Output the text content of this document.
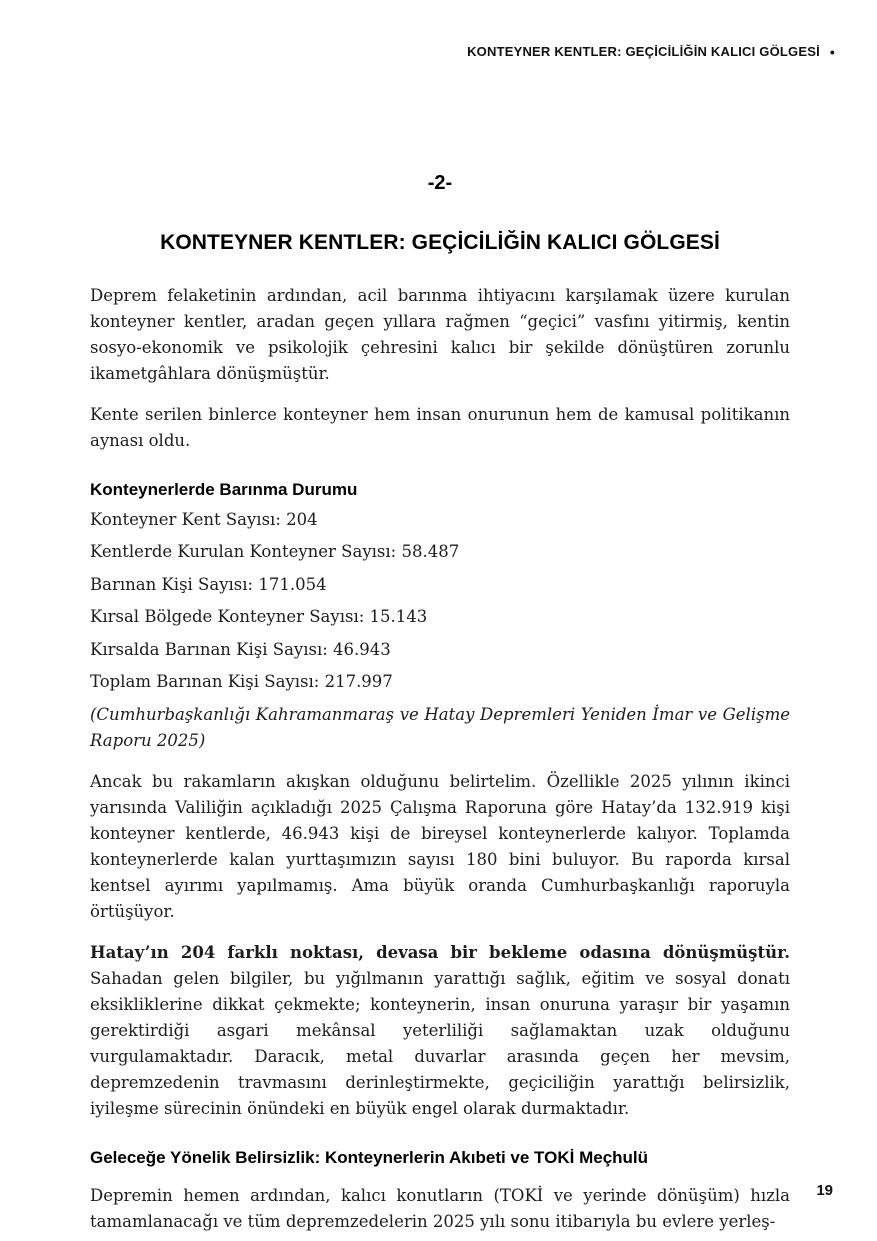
KONTEYNER KENTLER: GEÇİCİLİĞİN KALICI GÖLGESİ •
-2-
KONTEYNER KENTLER: GEÇİCİLİĞİN KALICI GÖLGESİ

Deprem felaketinin ardından, acil barınma ihtiyacını karşılamak üzere kurulan konteyner kentler, aradan geçen yıllara rağmen “geçici” vasfını yitirmiş, kentin sosyo-ekonomik ve psikolojik çehresini kalıcı bir şekilde dönüştüren zorunlu ikametgâhlara dönüşmüştür.

Kente serilen binlerce konteyner hem insan onurunun hem de kamusal politikanın aynası oldu.

Konteynerlerde Barınma Durumu

Konteyner Kent Sayısı: 204

Kentlerde Kurulan Konteyner Sayısı: 58.487

Barınan Kişi Sayısı: 171.054

Kırsal Bölgede Konteyner Sayısı: 15.143

Kırsalda Barınan Kişi Sayısı: 46.943

Toplam Barınan Kişi Sayısı: 217.997

(Cumhurbaşkanlığı Kahramanmaraş ve Hatay Depremleri Yeniden İmar ve Gelişme Raporu 2025)

Ancak bu rakamların akışkan olduğunu belirtelim. Özellikle 2025 yılının ikinci yarısında Valiliğin açıkladığı 2025 Çalışma Raporuna göre Hatay’da 132.919 kişi konteyner kentlerde, 46.943 kişi de bireysel konteynerlerde kalıyor. Toplamda konteynerlerde kalan yurttaşımızın sayısı 180 bini buluyor. Bu raporda kırsal kentsel ayırımı yapılmamış. Ama büyük oranda Cumhurbaşkanlığı raporuyla örtüşüyor.

Hatay’ın 204 farklı noktası, devasa bir bekleme odasına dönüşmüştür. Sahadan gelen bilgiler, bu yığılmanın yarattığı sağlık, eğitim ve sosyal donatı eksikliklerine dikkat çekmekte; konteynerin, insan onuruna yaraşır bir yaşamın gerektirdiği asgari mekânsal yeterliliği sağlamaktan uzak olduğunu vurgulamaktadır. Daracık, metal duvarlar arasında geçen her mevsim, depremzedenin travmasını derinleştirmekte, geçiciliğin yarattığı belirsizlik, iyileşme sürecinin önündeki en büyük engel olarak durmaktadır.

Geleceğe Yönelik Belirsizlik: Konteynerlerin Akıbeti ve TOKİ Meçhulü

Depremin hemen ardından, kalıcı konutların (TOKİ ve yerinde dönüşüm) hızla tamamlanacağı ve tüm depremzedelerin 2025 yılı sonu itibarıyla bu evlere yerleş-

19
